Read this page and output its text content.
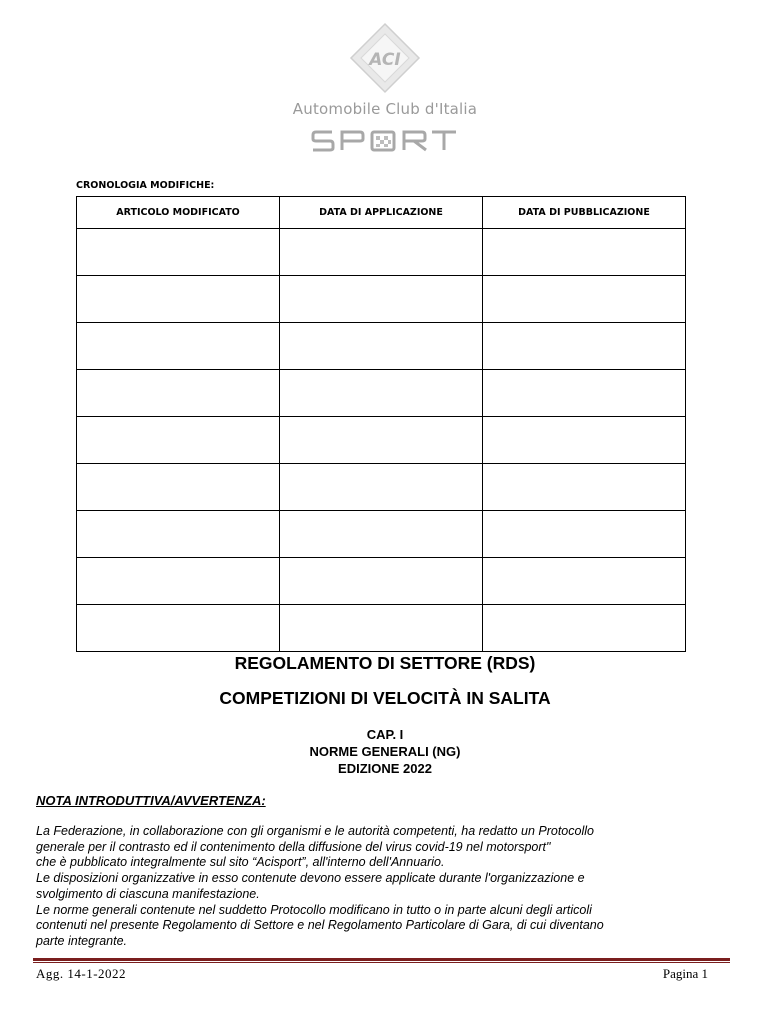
ACI
Automobile Club d'Italia
CRONOLOGIA MODIFICHE:
ARTICOLO MODIFICATO	DATA DI APPLICAZIONE	DATA DI PUBBLICAZIONE

REGOLAMENTO DI SETTORE (RDS)
COMPETIZIONI DI VELOCITÀ IN SALITA
CAP. I
NORME GENERALI (NG)
EDIZIONE 2022
NOTA INTRODUTTIVA/AVVERTENZA:
La Federazione, in collaborazione con gli organismi e le autorità competenti, ha redatto un Protocollo
generale per il contrasto ed il contenimento della diffusione del virus covid-19 nel motorsport"
che è pubblicato integralmente sul sito “Acisport”, all'interno dell'Annuario.
Le disposizioni organizzative in esso contenute devono essere applicate durante l'organizzazione e
svolgimento di ciascuna manifestazione.
Le norme generali contenute nel suddetto Protocollo modificano in tutto o in parte alcuni degli articoli
contenuti nel presente Regolamento di Settore e nel Regolamento Particolare di Gara, di cui diventano
parte integrante.
Agg. 14-1-2022	Pagina 1
